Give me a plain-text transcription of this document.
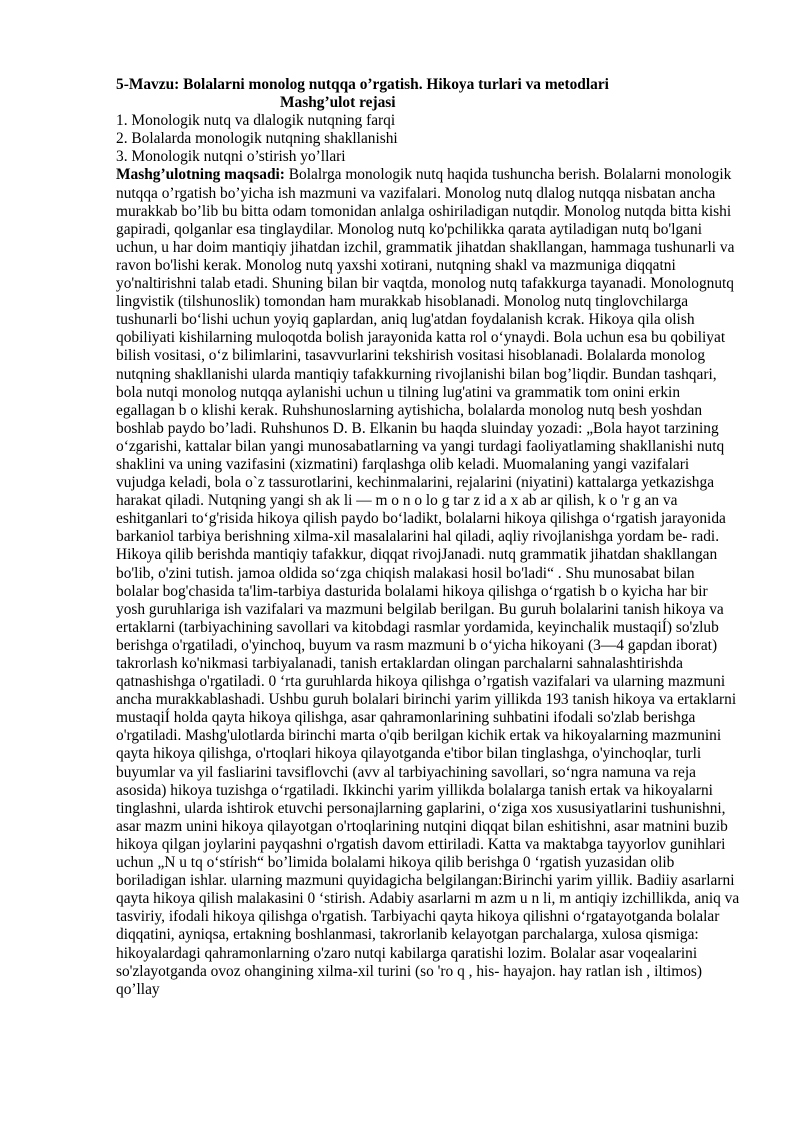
5-Mavzu: Bolalarni monolog nutqqa o’rgatish. Hikoya turlari va metodlari

Mashg’ulot rejasi

1. Monologik nutq va dlalogik nutqning farqi

2. Bolalarda monologik nutqning shakllanishi

3. Monologik nutqni o’stirish yo’llari

Mashg’ulotning maqsadi: Bolalrga monologik nutq haqida tushuncha berish. Bolalarni monologik nutqqa o’rgatish bo’yicha ish mazmuni va vazifalari. Monolog nutq dlalog nutqqa nisbatan ancha murakkab bo’lib bu bitta odam tomonidan anlalga oshiriladigan nutqdir. Monolog nutqda bitta kishi gapiradi, qolganlar esa tinglaydilar. Monolog nutq ko'pchilikka qarata aytiladigan nutq bo'lgani uchun, u har doim mantiqiy jihatdan izchil, grammatik jihatdan shakllangan, hammaga tushunarli va ravon bo'lishi kerak. Monolog nutq yaxshi xotirani, nutqning shakl va mazmuniga diqqatni yo'naltirishni talab etadi. Shuning bilan bir vaqtda, monolog nutq tafakkurga tayanadi. Monolognutq lingvistik (tilshunoslik) tomondan ham murakkab hisoblanadi. Monolog nutq tinglovchilarga tushunarli bo‘lishi uchun yoyiq gaplardan, aniq lug'atdan foydalanish kcrak. Hikoya qila olish qobiliyati kishilarning muloqotda bolish jarayonida katta rol o‘ynaydi. Bola uchun esa bu qobiliyat bilish vositasi, o‘z bilimlarini, tasavvurlarini tekshirish vositasi hisoblanadi. Bolalarda monolog nutqning shakllanishi ularda mantiqiy tafakkurning rivojlanishi bilan bog’liqdir. Bundan tashqari, bola nutqi monolog nutqqa aylanishi uchun u tilning lug'atini va grammatik tom onini erkin egallagan b o klishi kerak. Ruhshunoslarning aytishicha, bolalarda monolog nutq besh yoshdan boshlab paydo bo’ladi. Ruhshunos D. B. Elkanin bu haqda sluinday yozadi: „Bola hayot tarzining o‘zgarishi, kattalar bilan yangi munosabatlarning va yangi turdagi faoliyatlaming shakllanishi nutq shaklini va uning vazifasini (xizmatini) farqlashga olib keladi. Muomalaning yangi vazifalari vujudga keladi, bola o`z tassurotlarini, kechinmalarini, rejalarini (niyatini) kattalarga yetkazishga harakat qiladi. Nutqning yangi sh ak li — m o n o lo g tar z id a x ab ar qilish, k o 'r g an va eshitganlari to‘g'risida hikoya qilish paydo bo‘ladikt, bolalarni hikoya qilishga o‘rgatish jarayonida barkaniol tarbiya berishning xilma-xil masalalarini hal qiladi, aqliy rivojlanishga yordam be- radi. Hikoya qilib berishda mantiqiy tafakkur, diqqat rivojJanadi. nutq grammatik jihatdan shakllangan bo'lib, o'zini tutish. jamoa oldida so‘zga chiqish malakasi hosil bo'ladi“ . Shu munosabat bilan bolalar bog'chasida ta'lim-tarbiya dasturida bolalami hikoya qilishga o‘rgatish b o kyicha har bir yosh guruhlariga ish vazifalari va mazmuni belgilab berilgan. Bu guruh bolalarini tanish hikoya va ertaklarni (tarbiyachining savollari va kitobdagi rasmlar yordamida, keyinchalik mustaqiÍ) so'zlub berishga o'rgatiladi, o'yinchoq, buyum va rasm mazmuni b o‘yicha hikoyani (3—4 gapdan iborat) takrorlash ko'nikmasi tarbiyalanadi, tanish ertaklardan olingan parchalarni sahnalashtirishda qatnashishga o'rgatiladi. 0 ‘rta guruhlarda hikoya qilishga o’rgatish vazifalari va ularning mazmuni ancha murakkablashadi. Ushbu guruh bolalari birinchi yarim yillikda 193 tanish hikoya va ertaklarni mustaqiÍ holda qayta hikoya qilishga, asar qahramonlarining suhbatini ifodali so'zlab berishga o'rgatiladi. Mashg'ulotlarda birinchi marta o'qib berilgan kichik ertak va hikoyalarning mazmunini qayta hikoya qilishga, o'rtoqlari hikoya qilayotganda e'tibor bilan tinglashga, o'yinchoqlar, turli buyumlar va yil fasliarini tavsiflovchi (avv al tarbiyachining savollari, so‘ngra namuna va reja asosida) hikoya tuzishga o‘rgatiladi. Ikkinchi yarim yillikda bolalarga tanish ertak va hikoyalarni tinglashni, ularda ishtirok etuvchi personajlarning gaplarini, o‘ziga xos xususiyatlarini tushunishni, asar mazm unini hikoya qilayotgan o'rtoqlarining nutqini diqqat bilan eshitishni, asar matnini buzib hikoya qilgan joylarini payqashni o'rgatish davom ettiriladi. Katta va maktabga tayyorlov gunihlari uchun „N u tq o‘stírish“ bo’limida bolalami hikoya qilib berishga 0 ‘rgatish yuzasidan olib boriladigan ishlar. ularning mazmuni quyidagicha belgilangan:Birinchi yarim yillik. Badiiy asarlarni qayta hikoya qilish malakasini 0 ‘stirish. Adabiy asarlarni m azm u n li, m antiqiy izchillikda, aniq va tasviriy, ifodali hikoya qilishga o'rgatish. Tarbiyachi qayta hikoya qilishni o‘rgatayotganda bolalar diqqatini, ayniqsa, ertakning boshlanmasi, takrorlanib kelayotgan parchalarga, xulosa qismiga: hikoyalardagi qahramonlarning o'zaro nutqi kabilarga qaratishi lozim. Bolalar asar voqealarini so'zlayotganda ovoz ohangining xilma-xil turini (so 'ro q , his- hayajon. hay ratlan ish , iltimos) qo’llay
